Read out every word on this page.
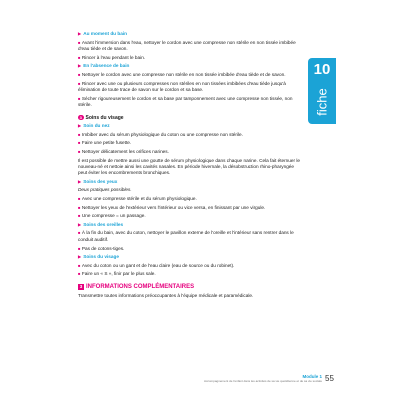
▶ Au moment du bain
■ Avant l'immersion dans l'eau, nettoyer le cordon avec une compresse non stérile en non tissée imbibée d'eau tiède et de savon.
■ Rincer à l'eau pendant le bain.
▶ En l'absence de bain
■ Nettoyer le cordon avec une compresse non stérile en non tissée imbibée d'eau tiède et de savon.
■ Rincer avec une ou plusieurs compresses non stériles en non tissées imbibées d'eau tiède jusqu'à élimination de toute trace de savon sur le cordon et sa base.
■ Sécher rigoureusement le cordon et sa base par tamponnement avec une compresse non tissée, non stérile.
3 Soins du visage
▶ Soin du nez
■ Imbiber avec du sérum physiologique du coton ou une compresse non stérile.
■ Faire une petite fusette.
■ Nettoyer délicatement les orifices narines.
Il est possible de mettre aussi une goutte de sérum physiologique dans chaque narine. Cela fait éternuer le nouveau-né et nettoie ainsi les cavités nasales. En période hivernale, la désobstruction rhino-pharyngée peut éviter les encombrements bronchiques.
▶ Soins des yeux
Deux pratiques possibles.
■ Avec une compresse stérile et du sérum physiologique.
■ Nettoyer les yeux de l'extérieur vers l'intérieur ou vice versa, en finissant par une virgule.
■ Une compresse = un passage.
▶ Soins des oreilles
■ À la fin du bain, avec du coton, nettoyer le pavillon externe de l'oreille et l'intérieur sans rentrer dans le conduit auditif.
■ Pas de cotons-tiges.
▶ Soins du visage
■ Avec du coton ou un gant et de l'eau claire (eau de source ou du robinet).
■ Faire un « S », finir par le plus sale.
3 INFORMATIONS COMPLÉMENTAIRES
Transmettre toutes informations préoccupantes à l'équipe médicale et paramédicale.
10
fiche
Module 1
Accompagnement de l'enfant dans les activités de sa vie quotidienne et de sa vie sociale 55
